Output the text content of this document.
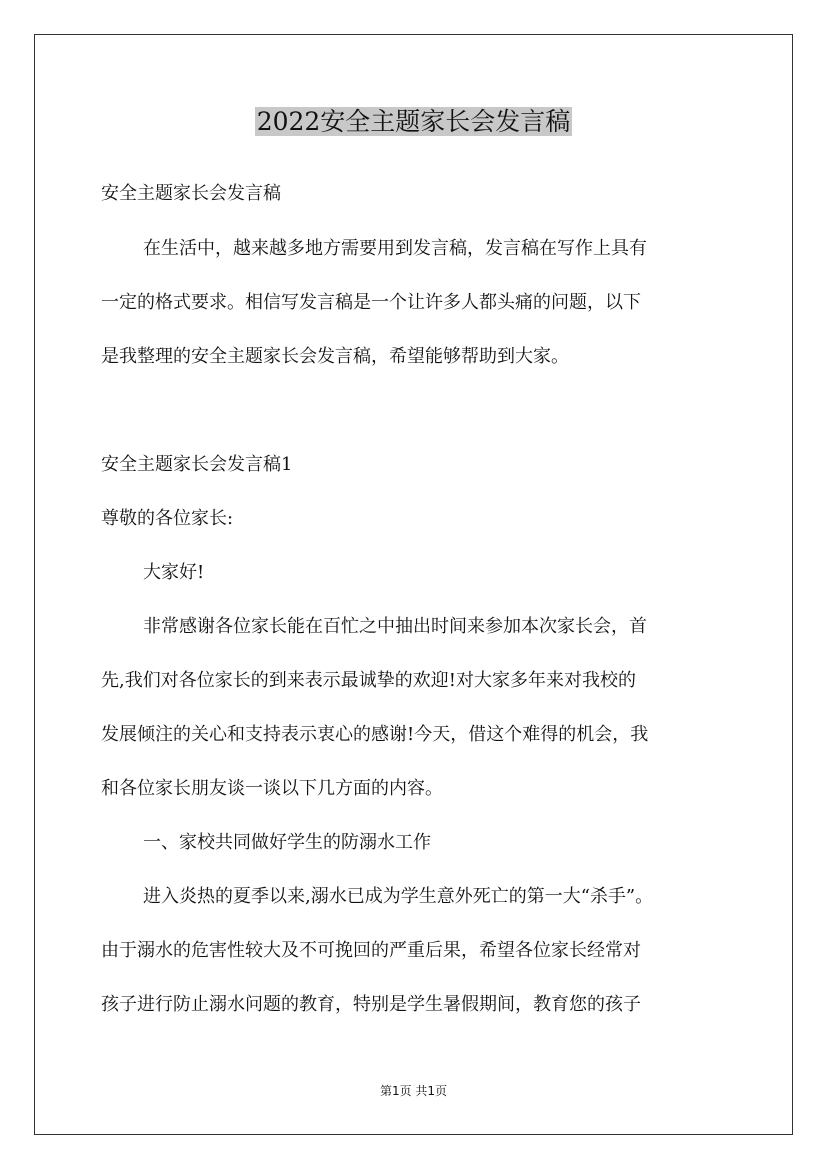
2022安全主题家长会发言稿
安全主题家长会发言稿
在生活中，越来越多地方需要用到发言稿，发言稿在写作上具有
一定的格式要求。相信写发言稿是一个让许多人都头痛的问题，以下
是我整理的安全主题家长会发言稿，希望能够帮助到大家。
安全主题家长会发言稿1
尊敬的各位家长:
大家好!
非常感谢各位家长能在百忙之中抽出时间来参加本次家长会，首
先,我们对各位家长的到来表示最诚挚的欢迎!对大家多年来对我校的
发展倾注的关心和支持表示衷心的感谢!今天，借这个难得的机会，我
和各位家长朋友谈一谈以下几方面的内容。
一、家校共同做好学生的防溺水工作
进入炎热的夏季以来,溺水已成为学生意外死亡的第一大“杀手”。
由于溺水的危害性较大及不可挽回的严重后果，希望各位家长经常对
孩子进行防止溺水问题的教育，特别是学生暑假期间，教育您的孩子
第1页 共1页
